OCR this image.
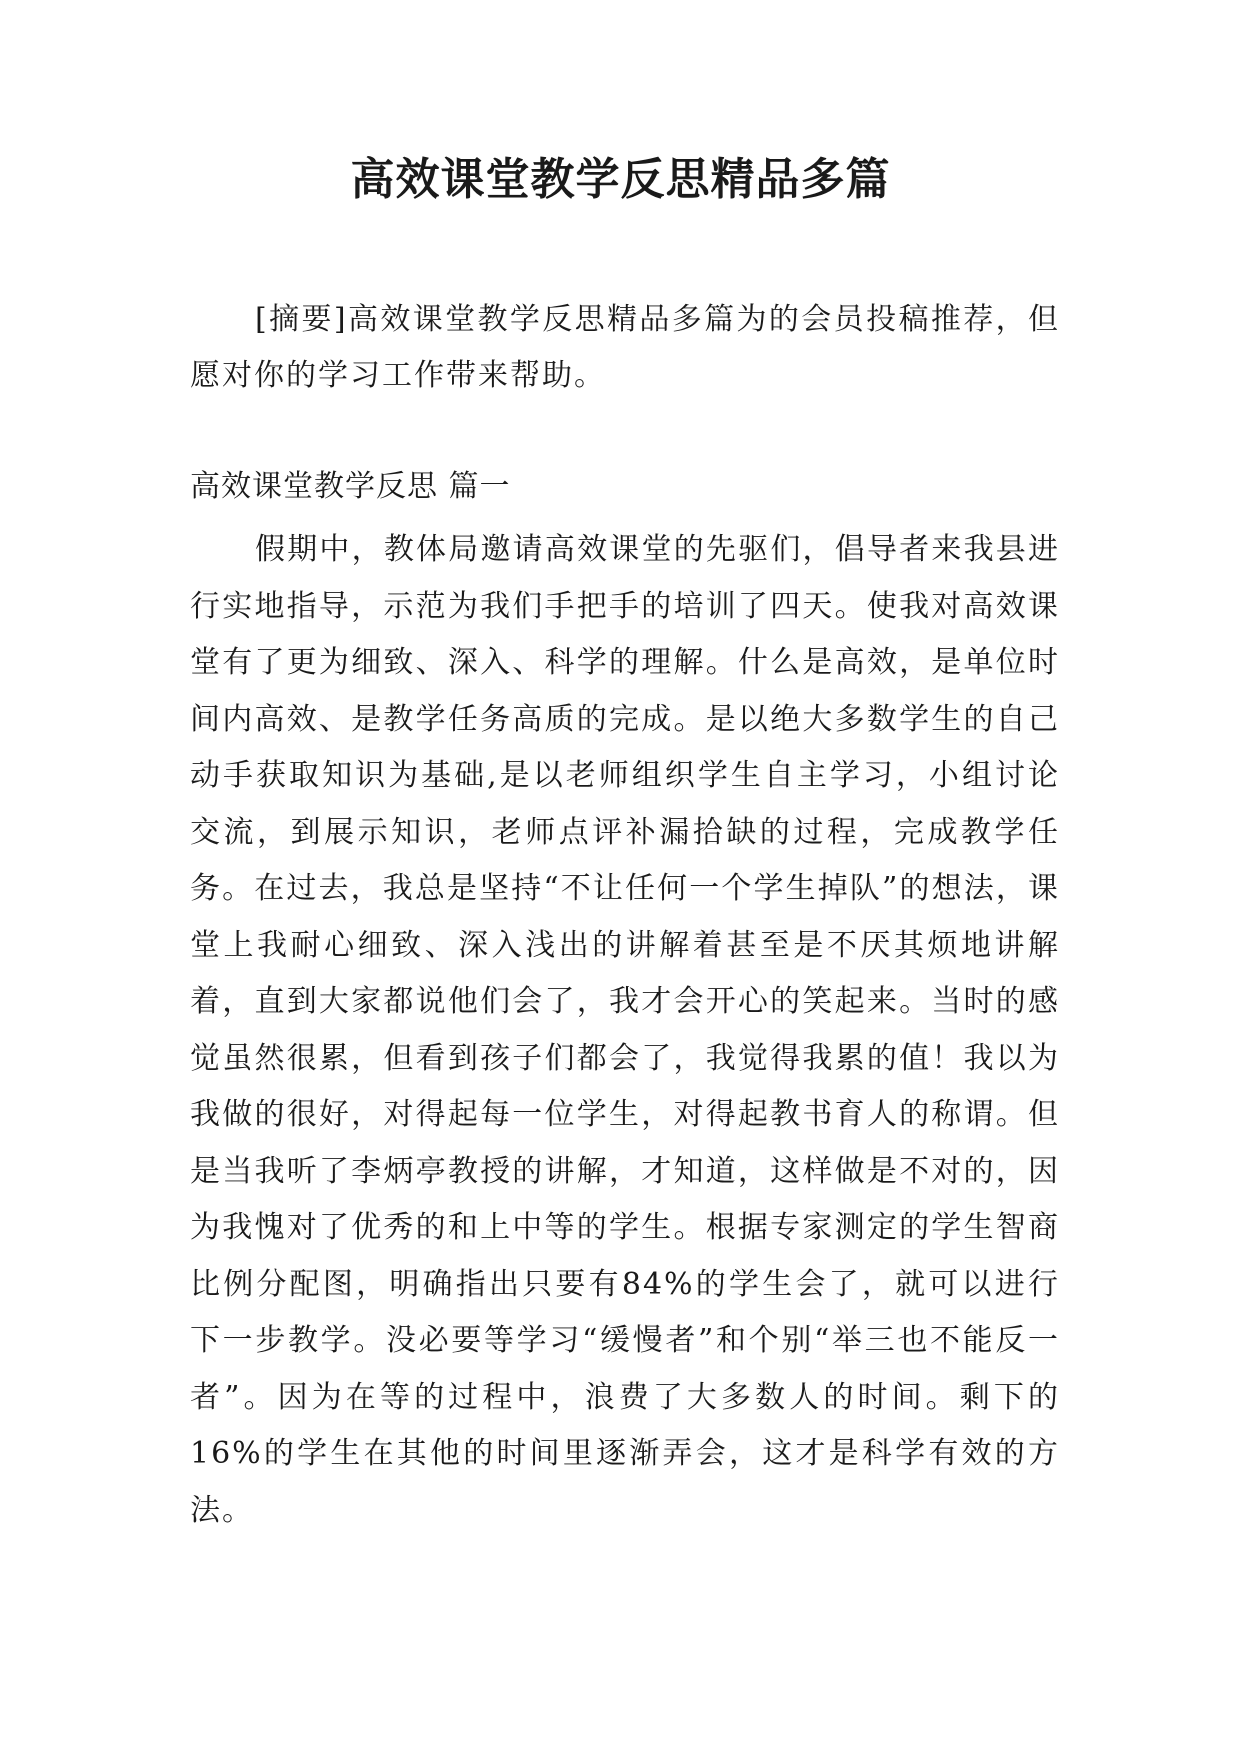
高效课堂教学反思精品多篇

[摘要]高效课堂教学反思精品多篇为的会员投稿推荐，但愿对你的学习工作带来帮助。

高效课堂教学反思 篇一

假期中，教体局邀请高效课堂的先驱们，倡导者来我县进行实地指导，示范为我们手把手的培训了四天。使我对高效课堂有了更为细致、深入、科学的理解。什么是高效，是单位时间内高效、是教学任务高质的完成。是以绝大多数学生的自己动手获取知识为基础,是以老师组织学生自主学习，小组讨论交流，到展示知识，老师点评补漏拾缺的过程，完成教学任务。在过去，我总是坚持“不让任何一个学生掉队”的想法，课堂上我耐心细致、深入浅出的讲解着甚至是不厌其烦地讲解着，直到大家都说他们会了，我才会开心的笑起来。当时的感觉虽然很累，但看到孩子们都会了，我觉得我累的值！我以为我做的很好，对得起每一位学生，对得起教书育人的称谓。但是当我听了李炳亭教授的讲解，才知道，这样做是不对的，因为我愧对了优秀的和上中等的学生。根据专家测定的学生智商比例分配图，明确指出只要有84%的学生会了，就可以进行下一步教学。没必要等学习“缓慢者”和个别“举三也不能反一者”。因为在等的过程中，浪费了大多数人的时间。剩下的16%的学生在其他的时间里逐渐弄会，这才是科学有效的方法。
